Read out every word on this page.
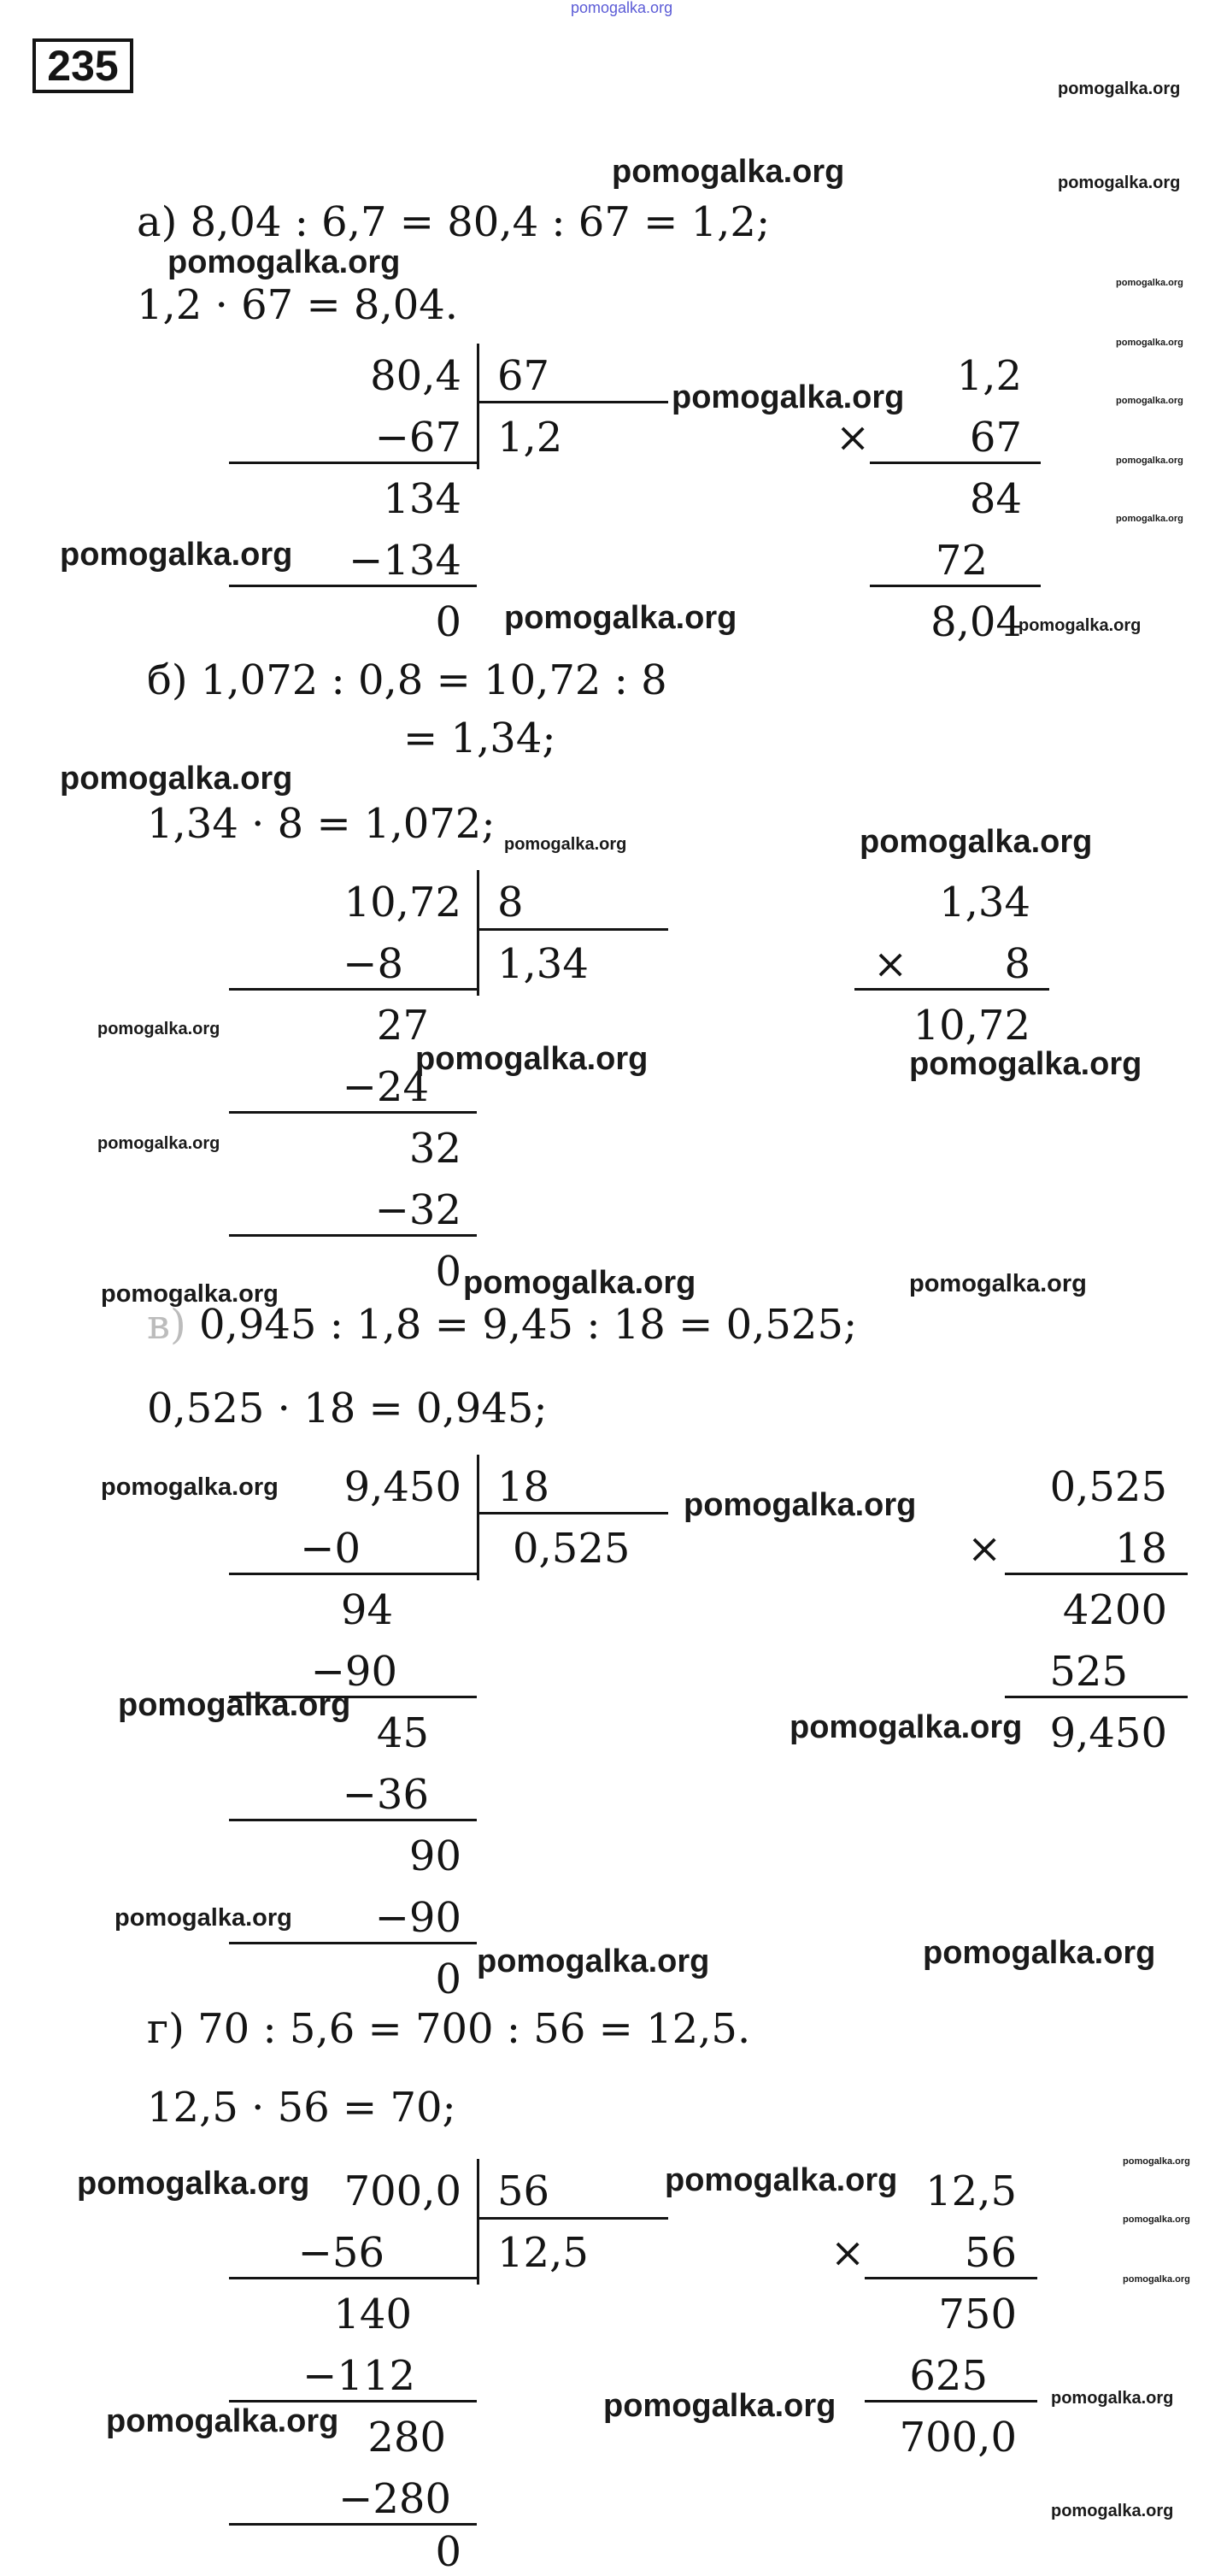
pomogalka.org
235
а) 8,04 : 6,7 = 80,4 : 67 = 1,2;
1,2 · 67 = 8,04.
80,4 67
1,2
−67
134
−134
0
1,2
×	67
84
72
8,04
б) 1,072 : 0,8 = 10,72 : 8
= 1,34;
1,34 · 8 = 1,072;
10,72 8
1,34
−8
27
−24
32
−32
0
1,34
×	8
10,72
в) 0,945 : 1,8 = 9,45 : 18 = 0,525;
0,525 · 18 = 0,945;
9,450 18
0,525
−0
94
−90
45
−36
90
−90
0
0,525
×	18
4200
525
9,450
г) 70 : 5,6 = 700 : 56 = 12,5.
12,5 · 56 = 70;
700,0 56
12,5
−56
140
−112
280
−280
0
12,5
×	56
750
625
700,0
pomogalka.org
pomogalka.org
pomogalka.org
pomogalka.org
pomogalka.org
pomogalka.org
pomogalka.org
pomogalka.org	pomogalka.org
pomogalka.org
pomogalka.org
pomogalka.org
pomogalka.org
pomogalka.org	pomogalka.org
pomogalka.org	pomogalka.org
pomogalka.org	pomogalka.org
pomogalka.org	pomogalka.org
pomogalka.org
pomogalka.org
pomogalka.org
pomogalka.org
pomogalka.org
pomogalka.org
pomogalka.org
pomogalka.org
pomogalka.org
pomogalka.org
pomogalka.org
pomogalka.org
pomogalka.org
pomogalka.org
pomogalka.org
pomogalka.org
pomogalka.org
pomogalka.org
